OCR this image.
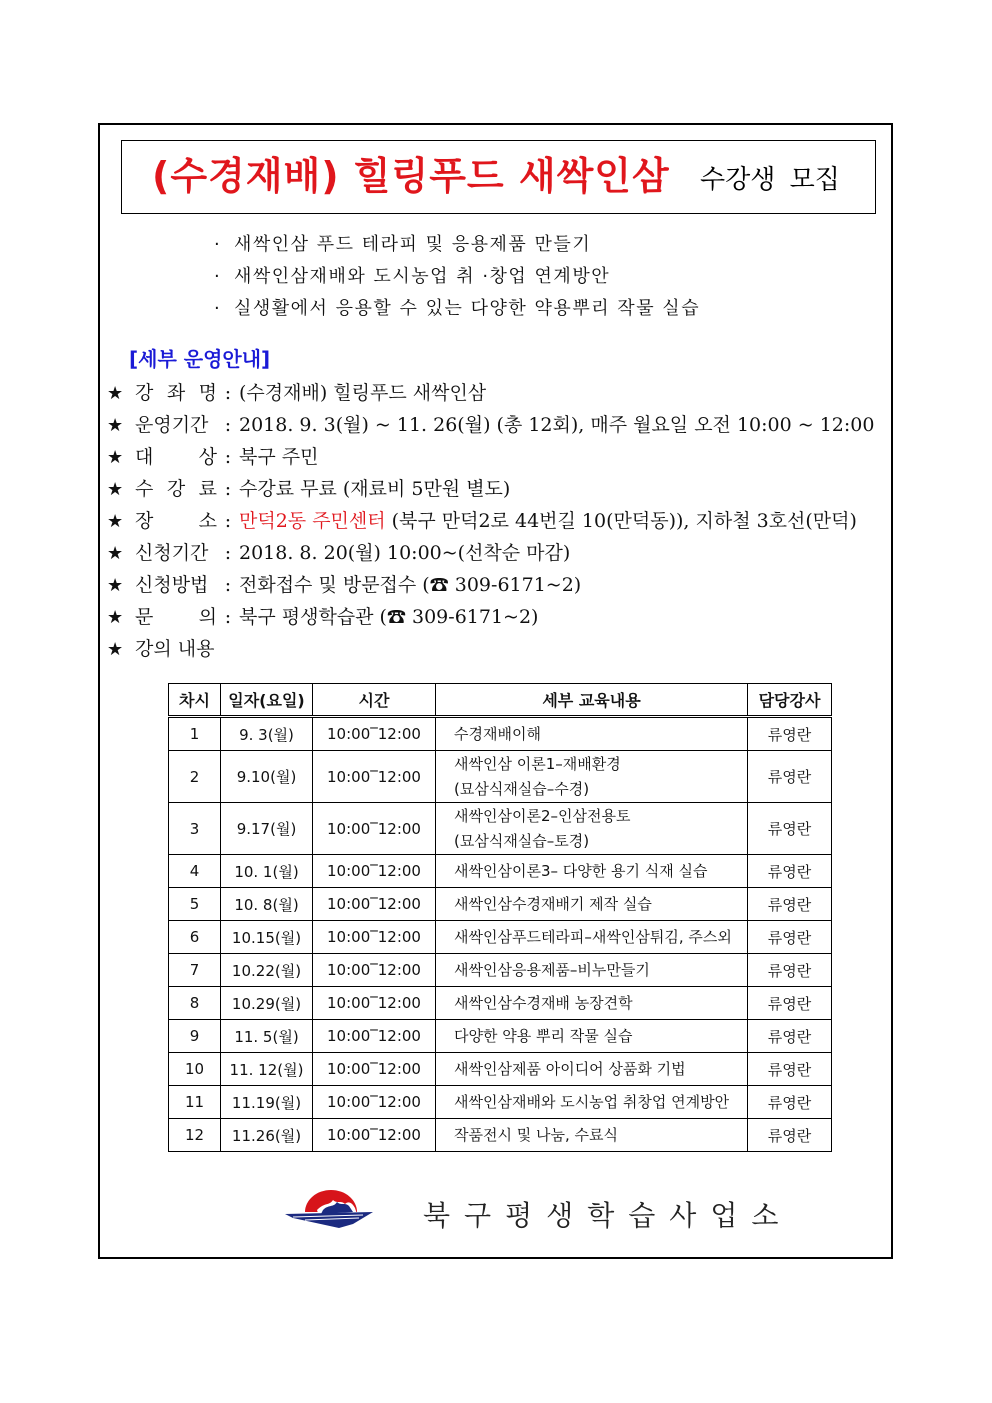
(수경재배) 힐링푸드 새싹인삼 수강생 모집
· 새싹인삼 푸드 테라피 및 응용제품 만들기
· 새싹인삼재배와 도시농업 취 ·창업 연계방안
· 실생활에서 응용할 수 있는 다양한 약용뿌리 작물 실습
[세부 운영안내]
★ 강 좌 명 : (수경재배) 힐링푸드 새싹인삼
★ 운영기간 : 2018. 9. 3(월) ~ 11. 26(월) (총 12회), 매주 월요일 오전 10:00 ~ 12:00
★ 대 상 : 북구 주민
★ 수 강 료 : 수강료 무료 (재료비 5만원 별도)
★ 장 소 : 만덕2동 주민센터 (북구 만덕2로 44번길 10(만덕동)), 지하철 3호선(만덕)
★ 신청기간 : 2018. 8. 20(월) 10:00~(선착순 마감)
★ 신청방법 : 전화접수 및 방문접수 (☎ 309-6171~2)
★ 문 의 : 북구 평생학습관 (☎ 309-6171~2)
★ 강의 내용
차시	일자(요일)	시간	세부 교육내용	담당강사
1	9. 3(월)	10:00‾12:00	수경재배이해	류영란
2	9.10(월)	10:00‾12:00	새싹인삼 이론1–재배환경
(묘삼식재실습–수경)	류영란
3	9.17(월)	10:00‾12:00	새싹인삼이론2–인삼전용토
(묘삼식재실습–토경)	류영란
4	10. 1(월)	10:00‾12:00	새싹인삼이론3– 다양한 용기 식재 실습	류영란
5	10. 8(월)	10:00‾12:00	새싹인삼수경재배기 제작 실습	류영란
6	10.15(월)	10:00‾12:00	새싹인삼푸드테라피–새싹인삼튀김, 주스외	류영란
7	10.22(월)	10:00‾12:00	새싹인삼응용제품–비누만들기	류영란
8	10.29(월)	10:00‾12:00	새싹인삼수경재배 농장견학	류영란
9	11. 5(월)	10:00‾12:00	다양한 약용 뿌리 작물 실습	류영란
10	11. 12(월)	10:00‾12:00	새싹인삼제품 아이디어 상품화 기법	류영란
11	11.19(월)	10:00‾12:00	새싹인삼재배와 도시농업 취창업 연계방안	류영란
12	11.26(월)	10:00‾12:00	작품전시 및 나눔, 수료식	류영란
북구평생학습사업소
